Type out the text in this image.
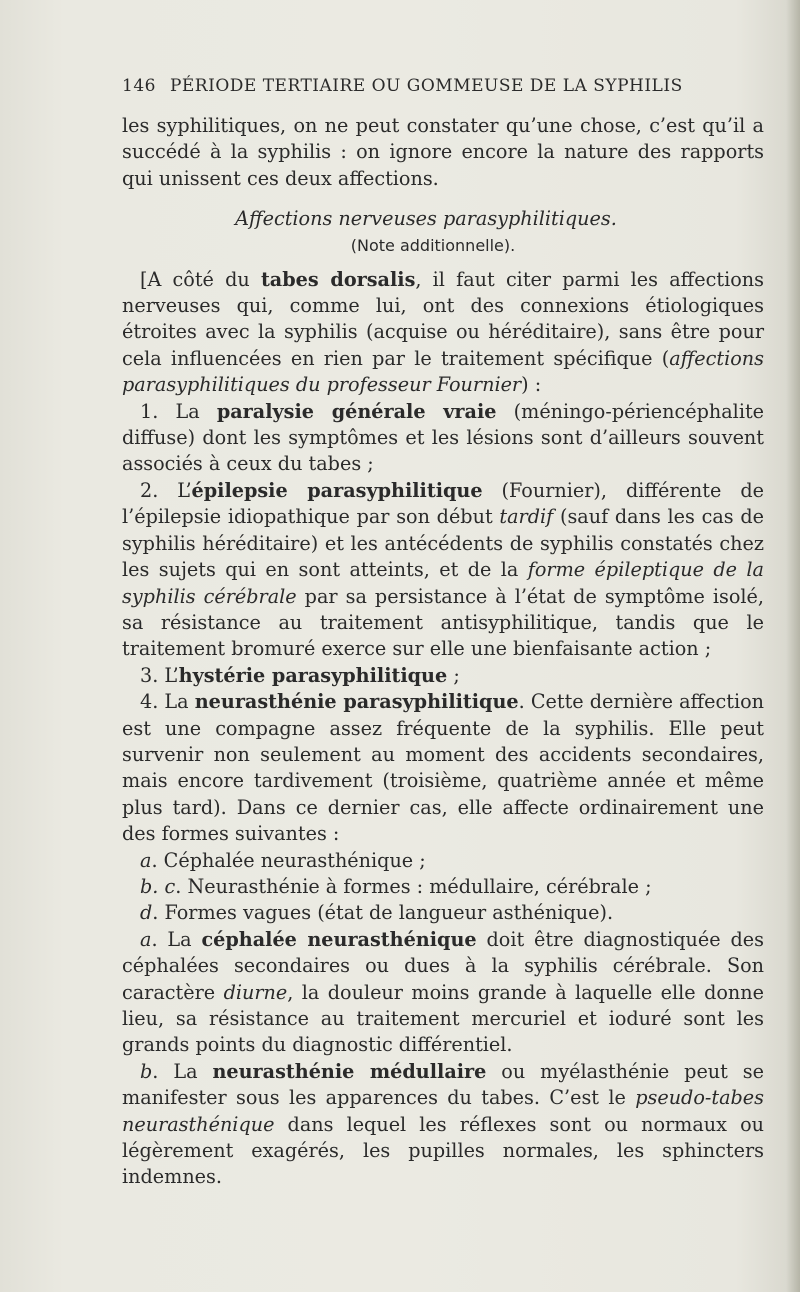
146 PÉRIODE TERTIAIRE OU GOMMEUSE DE LA SYPHILIS

les syphilitiques, on ne peut constater qu’une chose, c’est qu’il a succédé à la syphilis : on ignore encore la nature des rapports qui unissent ces deux affections.

Affections nerveuses parasyphilitiques.

(Note additionnelle).

[A côté du tabes dorsalis, il faut citer parmi les affections nerveuses qui, comme lui, ont des connexions étiologiques étroites avec la syphilis (acquise ou héréditaire), sans être pour cela influencées en rien par le traitement spécifique (affections parasyphilitiques du professeur Fournier) :

1. La paralysie générale vraie (méningo-périencéphalite diffuse) dont les symptômes et les lésions sont d’ailleurs souvent associés à ceux du tabes ;

2. L’épilepsie parasyphilitique (Fournier), différente de l’épilepsie idiopathique par son début tardif (sauf dans les cas de syphilis héréditaire) et les antécédents de syphilis constatés chez les sujets qui en sont atteints, et de la forme épileptique de la syphilis cérébrale par sa persistance à l’état de symptôme isolé, sa résistance au traitement antisyphilitique, tandis que le traitement bromuré exerce sur elle une bienfaisante action ;

3. L’hystérie parasyphilitique ;

4. La neurasthénie parasyphilitique. Cette dernière affection est une compagne assez fréquente de la syphilis. Elle peut survenir non seulement au moment des accidents secondaires, mais encore tardivement (troisième, quatrième année et même plus tard). Dans ce dernier cas, elle affecte ordinairement une des formes suivantes :

a. Céphalée neurasthénique ;

b. c. Neurasthénie à formes : médullaire, cérébrale ;

d. Formes vagues (état de langueur asthénique).

a. La céphalée neurasthénique doit être diagnostiquée des céphalées secondaires ou dues à la syphilis cérébrale. Son caractère diurne, la douleur moins grande à laquelle elle donne lieu, sa résistance au traitement mercuriel et ioduré sont les grands points du diagnostic différentiel.

b. La neurasthénie médullaire ou myélasthénie peut se manifester sous les apparences du tabes. C’est le pseudo-tabes neurasthénique dans lequel les réflexes sont ou normaux ou légèrement exagérés, les pupilles normales, les sphincters indemnes.
